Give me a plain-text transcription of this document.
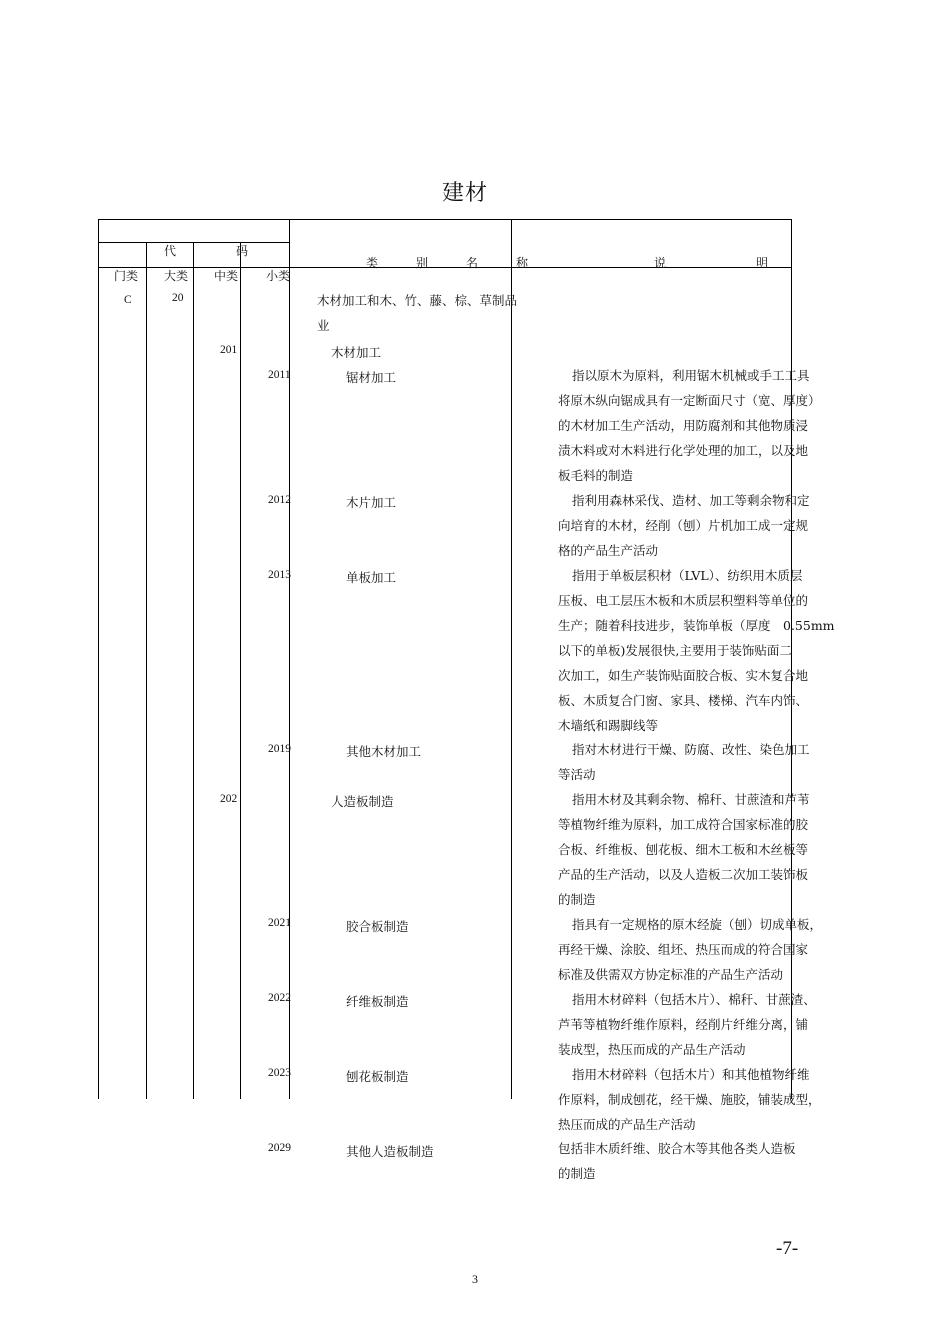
建材
代	码
门类 大类 中类 小类
类　别　名　称	说　　明
C	20	木材加工和木、竹、藤、棕、草制品
业
201	木材加工
2011	锯材加工	指以原木为原料，利用锯木机械或手工工具
将原木纵向锯成具有一定断面尺寸（宽、厚度）
的木材加工生产活动，用防腐剂和其他物质浸
渍木料或对木料进行化学处理的加工，以及地
板毛料的制造
2012	木片加工	指利用森林采伐、造材、加工等剩余物和定
向培育的木材，经削（刨）片机加工成一定规
格的产品生产活动
2013	单板加工	指用于单板层积材（LVL）、纺织用木质层
压板、电工层压木板和木质层积塑料等单位的
生产；随着科技进步，装饰单板（厚度　0.55mm
以下的单板)发展很快,主要用于装饰贴面二
次加工，如生产装饰贴面胶合板、实木复合地
板、木质复合门窗、家具、楼梯、汽车内饰、
木墙纸和踢脚线等
2019	其他木材加工	指对木材进行干燥、防腐、改性、染色加工
等活动
202	人造板制造	指用木材及其剩余物、棉秆、甘蔗渣和芦苇
等植物纤维为原料，加工成符合国家标准的胶
合板、纤维板、刨花板、细木工板和木丝板等
产品的生产活动，以及人造板二次加工装饰板
的制造
2021	胶合板制造	指具有一定规格的原木经旋（刨）切成单板，
再经干燥、涂胶、组坯、热压而成的符合国家
标准及供需双方协定标准的产品生产活动
2022	纤维板制造	指用木材碎料（包括木片）、棉秆、甘蔗渣、
芦苇等植物纤维作原料，经削片纤维分离，铺
装成型，热压而成的产品生产活动
2023	刨花板制造	指用木材碎料（包括木片）和其他植物纤维
作原料，制成刨花，经干燥、施胶，铺装成型，
热压而成的产品生产活动
2029	其他人造板制造	包括非木质纤维、胶合木等其他各类人造板
的制造
-7-
3
